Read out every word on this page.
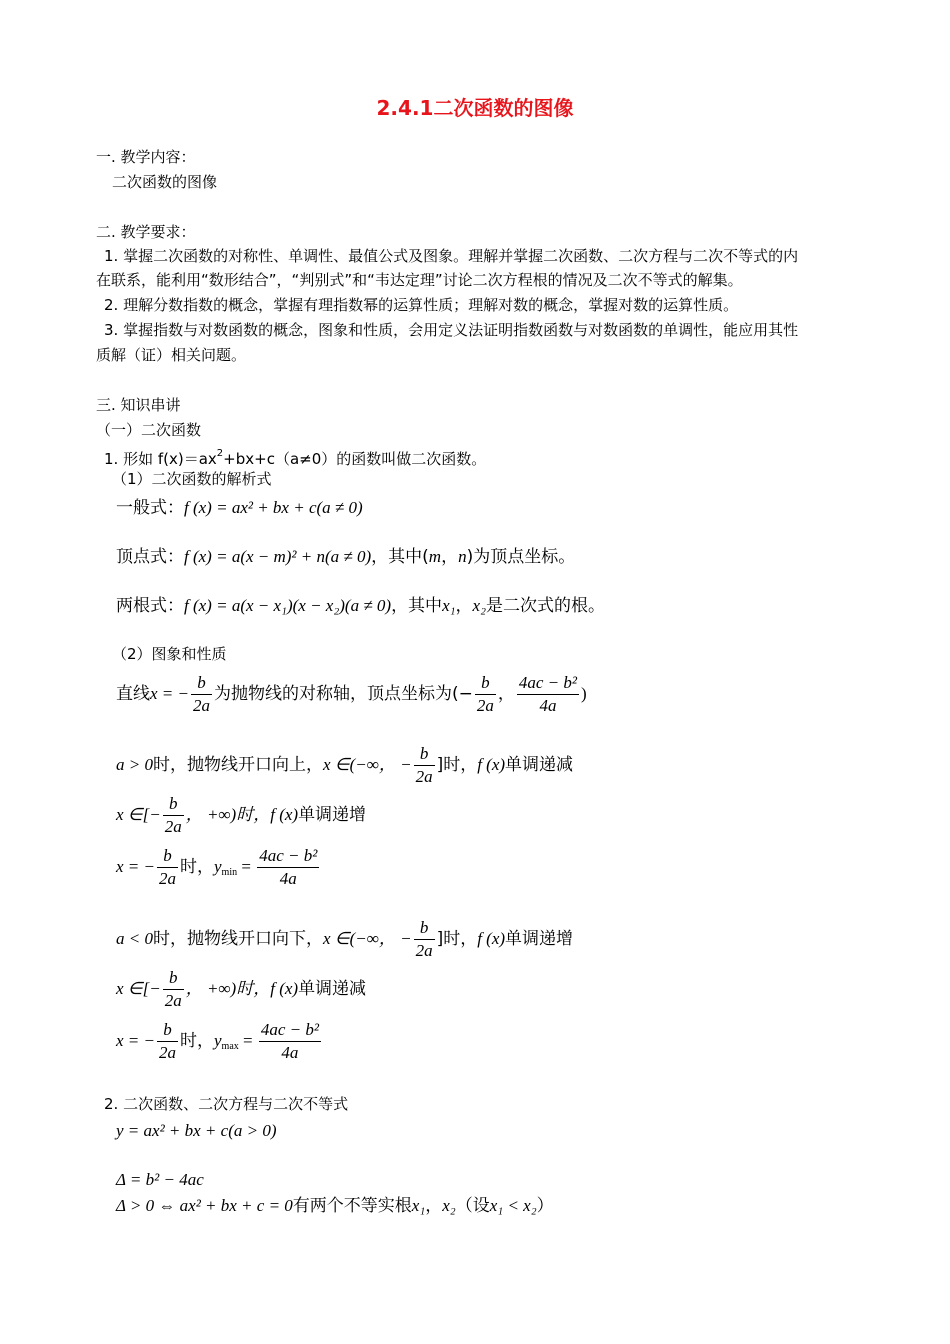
2.4.1二次函数的图像
一. 教学内容：
二次函数的图像
二. 教学要求：
1. 掌握二次函数的对称性、单调性、最值公式及图象。理解并掌握二次函数、二次方程与二次不等式的内
在联系，能利用“数形结合”，“判别式”和“韦达定理”讨论二次方程根的情况及二次不等式的解集。
2. 理解分数指数的概念，掌握有理指数幂的运算性质；理解对数的概念，掌握对数的运算性质。
3. 掌握指数与对数函数的概念，图象和性质，会用定义法证明指数函数与对数函数的单调性，能应用其性
质解（证）相关问题。
三. 知识串讲
（一）二次函数
1. 形如 $f(x)=ax^2+bx+c(a\ne 0)$的函数叫做二次函数。
（1）二次函数的解析式
一般式：f (x) = ax² + bx + c(a ≠ 0)
顶点式：f (x) = a(x − m)² + n(a ≠ 0)，其中(m，n)为顶点坐标。
两根式：f (x) = a(x − x₁)(x − x₂)(a ≠ 0)，其中x₁，x₂是二次式的根。
（2）图象和性质
直线x = − $\frac{b}{2a}$ 为抛物线的对称轴，顶点坐标为(− $\frac{b}{2a}$ ， $\frac{\text{4ac − b²}}{4a}$ )
a > 0时，抛物线开口向上，x ∈(−∞， − $\frac{b}{2a}$ ]时，f (x)单调递减
x ∈[− $\frac{b}{2a}$ ， +∞)时，f (x)单调递增
x = − $\frac{b}{2a}$ 时，$y_{min} = \frac{\text{4ac − b²}}{4a}$
a < 0时，抛物线开口向下，x ∈(−∞， − $\frac{b}{2a}$ ]时，f (x)单调递增
x ∈[− $\frac{b}{2a}$ ， +∞)时，f (x)单调递减
x = − $\frac{b}{2a}$ 时，$y_{max} = \frac{\text{4ac − b²}}{4a}$
2. 二次函数、二次方程与二次不等式
y = ax² + bx + c(a > 0)
Δ = b² − 4ac
Δ > 0 ⇔ ax² + bx + c = 0有两个不等实根x₁，x₂（设x₁ < x₂）
